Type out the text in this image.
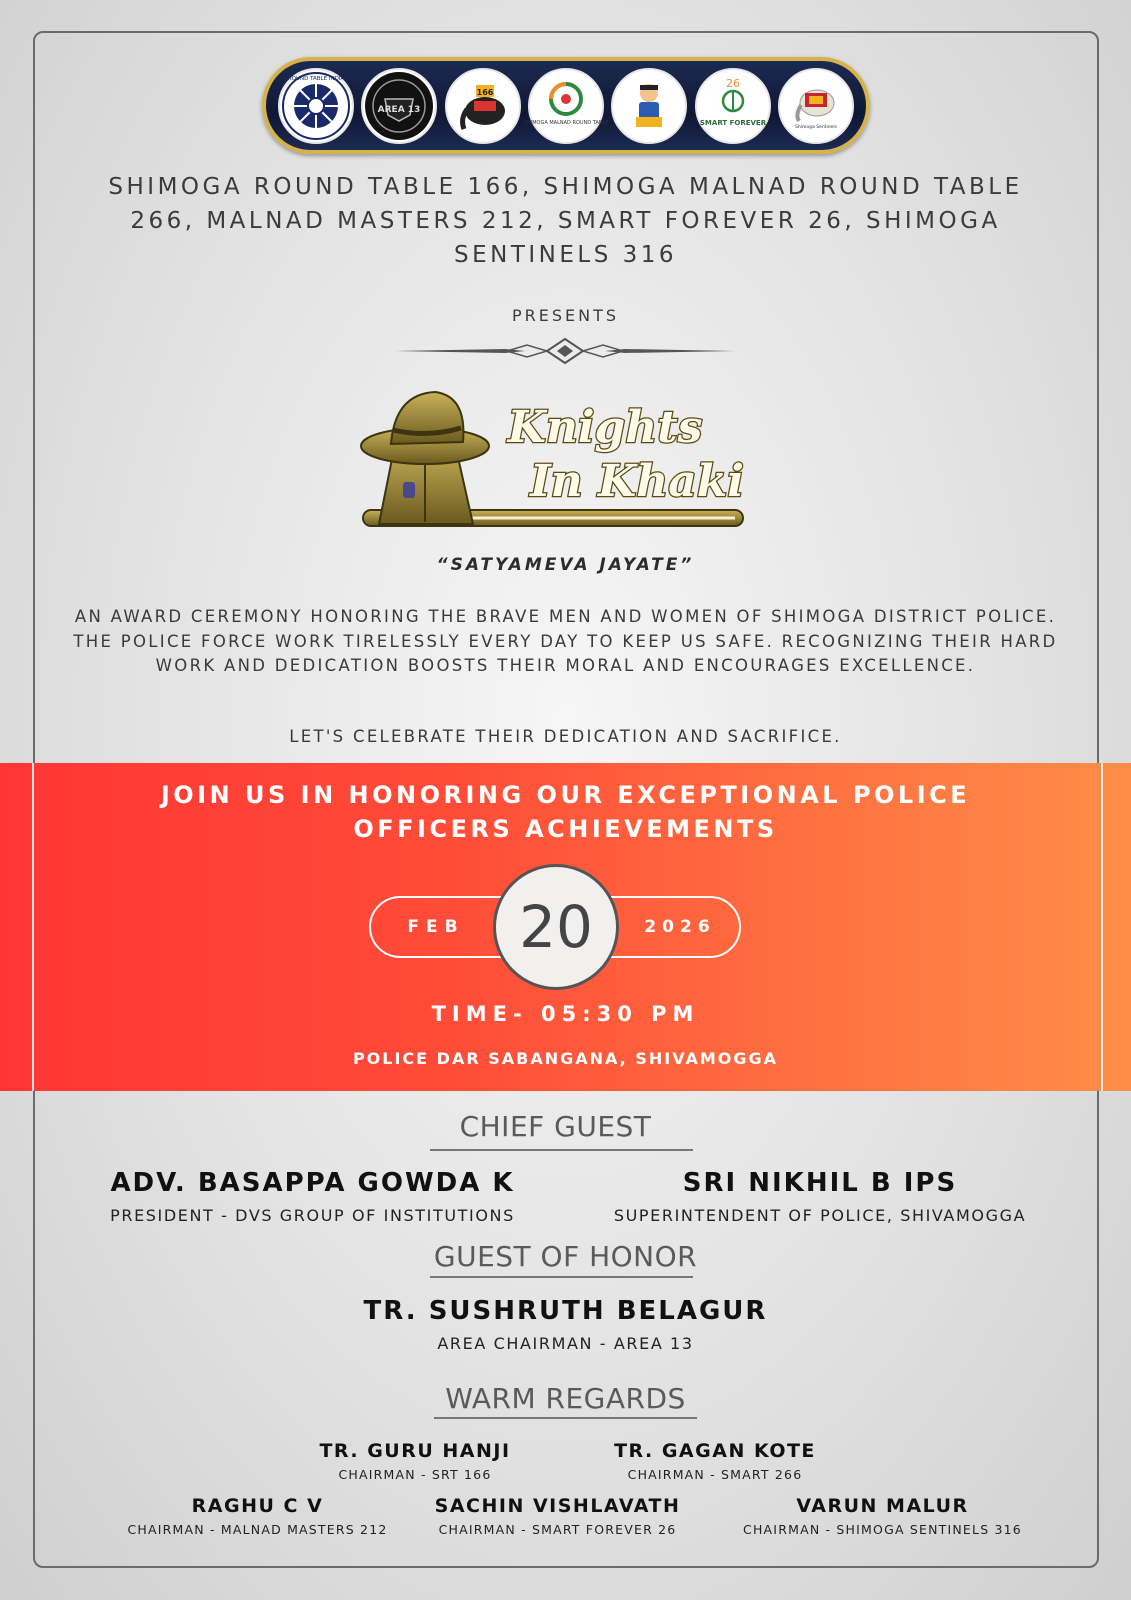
ROUND TABLE INDIA
AREA 13
166
SHIMOGA MALNAD ROUND TABLE
26
SMART FOREVER
Shimoga Sentinels
SHIMOGA ROUND TABLE 166, SHIMOGA MALNAD ROUND TABLE 266, MALNAD MASTERS 212, SMART FOREVER 26, SHIMOGA SENTINELS 316
PRESENTS
Knights
In Khaki
“SATYAMEVA JAYATE”
AN AWARD CEREMONY HONORING THE BRAVE MEN AND WOMEN OF SHIMOGA DISTRICT POLICE. THE POLICE FORCE WORK TIRELESSLY EVERY DAY TO KEEP US SAFE. RECOGNIZING THEIR HARD WORK AND DEDICATION BOOSTS THEIR MORAL AND ENCOURAGES EXCELLENCE.
LET'S CELEBRATE THEIR DEDICATION AND SACRIFICE.
JOIN US IN HONORING OUR EXCEPTIONAL POLICE OFFICERS ACHIEVEMENTS
FEB	2026
20
TIME- 05:30 PM
POLICE DAR SABANGANA, SHIVAMOGGA
CHIEF GUEST
ADV. BASAPPA GOWDA K
PRESIDENT - DVS GROUP OF INSTITUTIONS
SRI NIKHIL B IPS
SUPERINTENDENT OF POLICE, SHIVAMOGGA
GUEST OF HONOR
TR. SUSHRUTH BELAGUR
AREA CHAIRMAN - AREA 13
WARM REGARDS
TR. GURU HANJI
CHAIRMAN - SRT 166
TR. GAGAN KOTE
CHAIRMAN - SMART 266
RAGHU C V
CHAIRMAN - MALNAD MASTERS 212
SACHIN VISHLAVATH
CHAIRMAN - SMART FOREVER 26
VARUN MALUR
CHAIRMAN - SHIMOGA SENTINELS 316
